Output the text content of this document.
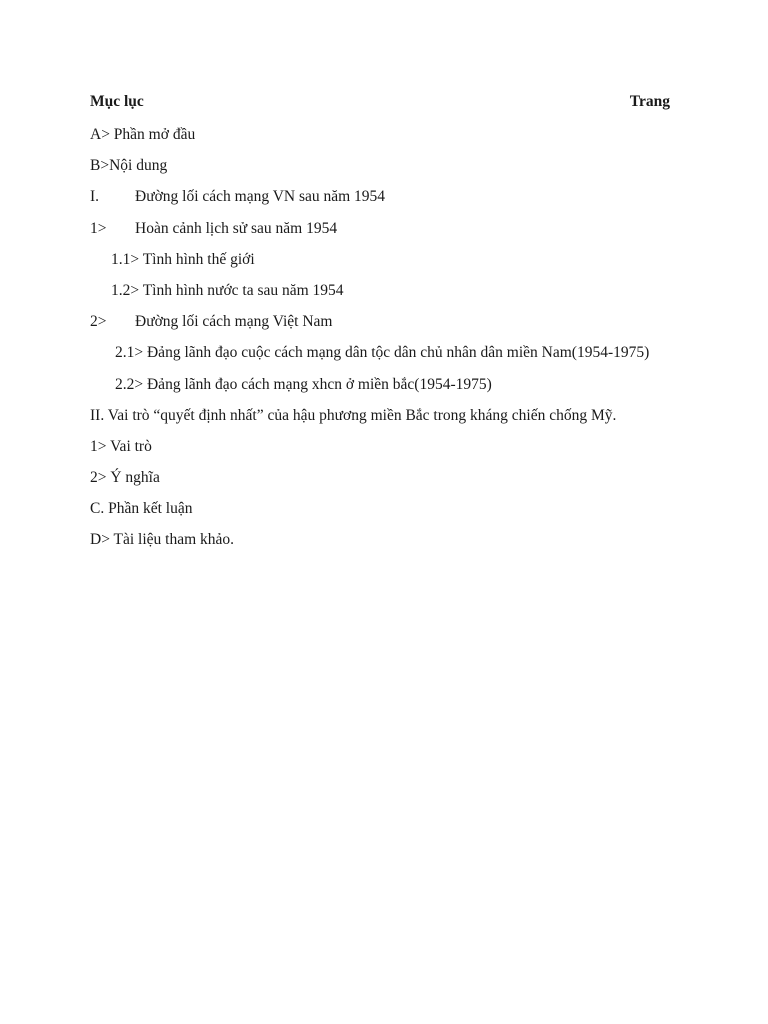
Mục lục	Trang
A> Phần mở đầu
B>Nội dung
I. Đường lối cách mạng VN sau năm 1954
1> Hoàn cảnh lịch sử sau năm 1954
1.1> Tình hình thế giới
1.2> Tình hình nước ta sau năm 1954
2> Đường lối cách mạng Việt Nam
2.1> Đảng lãnh đạo cuộc cách mạng dân tộc dân chủ nhân dân miền Nam(1954-1975)
2.2> Đảng lãnh đạo cách mạng xhcn ở miền bắc(1954-1975)
II. Vai trò “quyết định nhất” của hậu phương miền Bắc trong kháng chiến chống Mỹ.
1> Vai trò
2> Ý nghĩa
C. Phần kết luận
D> Tài liệu tham khảo.
